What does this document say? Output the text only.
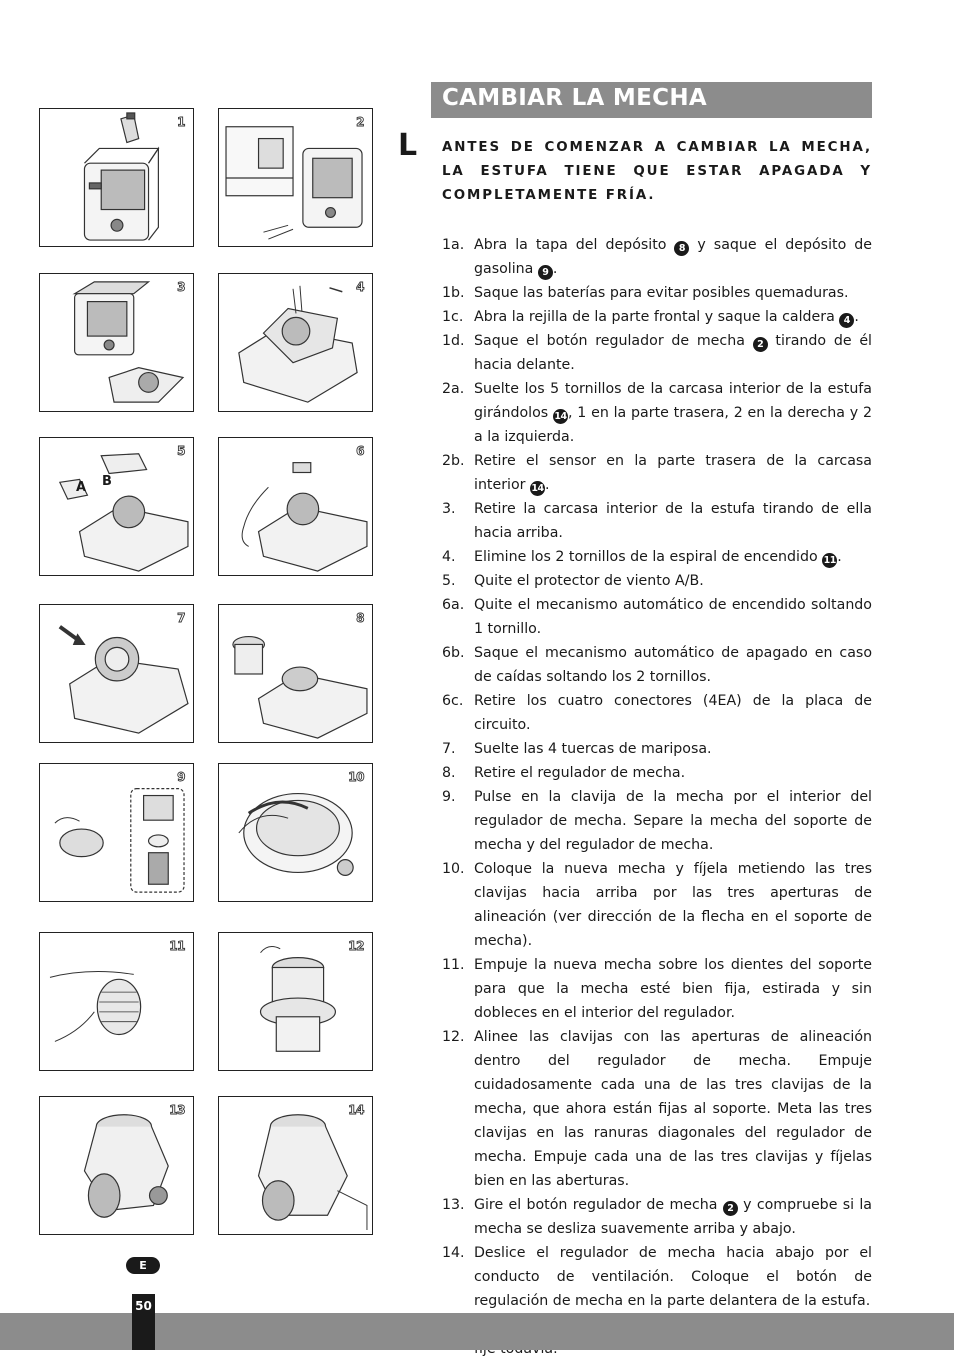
1	2
3	4
A B
5	6
7	8
9	10
11	12
13	14
CAMBIAR LA MECHA
L ANTES DE COMENZAR A CAMBIAR LA MECHA, LA ESTUFA TIENE QUE ESTAR APAGADA Y COMPLETAMENTE FRÍA.
1a. Abra la tapa del depósito 8 y saque el depósito de gasolina 9 .
1b. Saque las baterías para evitar posibles quemaduras.
1c. Abra la rejilla de la parte frontal y saque la caldera 4 .
1d. Saque el botón regulador de mecha 2 tirando de él hacia delante.
2a. Suelte los 5 tornillos de la carcasa interior de la estufa girándolos 14, 1 en la parte trasera, 2 en la derecha y 2 a la izquierda.
2b. Retire el sensor en la parte trasera de la carcasa interior 14.
3.	Retire la carcasa interior de la estufa tirando de ella hacia arriba.
4.	Elimine los 2 tornillos de la espiral de encendido 11.
5.	Quite el protector de viento A/B.
6a. Quite el mecanismo automático de encendido soltando 1 tornillo.
6b. Saque el mecanismo automático de apagado en caso de caídas soltando los 2 tornillos.
6c. Retire los cuatro conectores (4EA) de la placa de circuito.
7.	Suelte las 4 tuercas de mariposa.
8.	Retire el regulador de mecha.
9.	Pulse en la clavija de la mecha por el interior del regulador de mecha. Separe la mecha del soporte de mecha y del regulador de mecha.
10. Coloque la nueva mecha y fíjela metiendo las tres clavijas hacia arriba por las tres aperturas de alineación (ver dirección de la flecha en el soporte de mecha).
11. Empuje la nueva mecha sobre los dientes del soporte para que la mecha esté bien fija, estirada y sin dobleces en el interior del regulador.
12. Alinee las clavijas con las aperturas de alineación dentro del regulador de mecha. Empuje cuidadosamente cada una de las tres clavijas de la mecha, que ahora están fijas al soporte. Meta las tres clavijas en las ranuras diagonales del regulador de mecha. Empuje cada una de las tres clavijas y fíjelas bien en las aberturas.
13. Gire el botón regulador de mecha 2 y compruebe si la mecha se desliza suavemente arriba y abajo.
14. Deslice el regulador de mecha hacia abajo por el conducto de ventilación. Coloque el botón de regulación de mecha en la parte delantera de la estufa.
E
50
